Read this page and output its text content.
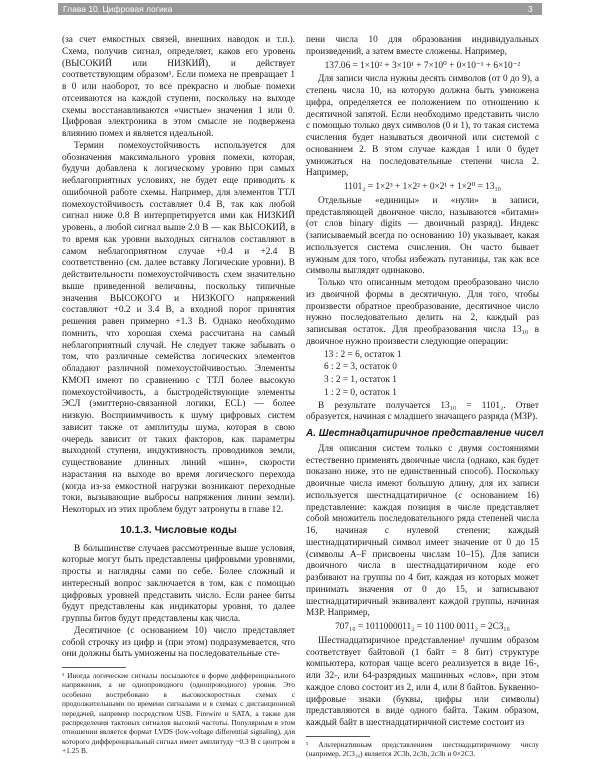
Глава 10. Цифровая логика	3

(за счет емкостных связей, внешних наводок и т.п.). Схема, получив сигнал, определяет, каков его уровень (ВЫСОКИЙ или НИЗКИЙ), и действует соответствующим образом¹. Если помеха не превращает 1 в 0 или наоборот, то все прекрасно и любые помехи отсеиваются на каждой ступени, поскольку на выходе схемы восстанавливаются «чистые» значения 1 или 0. Цифровая электроника в этом смысле не подвержена влиянию помех и является идеальной.

Термин помехоустойчивость используется для обозначения максимального уровня помехи, которая, будучи добавлена к логическому уровню при самых неблагоприятных условиях, не будет еще приводить к ошибочной работе схемы. Например, для элементов ТТЛ помехоустойчивость составляет 0.4 В, так как любой сигнал ниже 0.8 В интерпретируется ими как НИЗКИЙ уровень, а любой сигнал выше 2.0 В — как ВЫСОКИЙ, в то время как уровни выходных сигналов составляют в самом неблагоприятном случае +0.4 и +2.4 В соответственно (см. далее вставку Логические уровни). В действительности помехоустойчивость схем значительно выше приведенной величины, поскольку типичные значения ВЫСОКОГО и НИЗКОГО напряжений составляют +0.2 и 3.4 В, а входной порог принятия решения равен примерно +1.3 В. Однако необходимо помнить, что хорошая схема рассчитана на самый неблагоприятный случай. Не следует также забывать о том, что различные семейства логических элементов обладают различной помехоустойчивостью. Элементы КМОП имеют по сравнению с ТТЛ более высокую помехоустойчивость, а быстродействующие элементы ЭСЛ (эмиттерно-связанной логики, ECL) — более низкую. Восприимчивость к шуму цифровых систем зависит также от амплитуды шума, которая в свою очередь зависит от таких факторов, как параметры выходной ступени, индуктивность проводников земли, существование длинных линий «шин», скорости нарастания на выходе во время логического перехода (когда из-за емкостной нагрузки возникают переходные токи, вызывающие выбросы напряжения линии земли). Некоторых из этих проблем будут затронуты в главе 12.

10.1.3. Числовые коды

В большинстве случаев рассмотренные выше условия, которые могут быть представлены цифровыми уровнями, просты и наглядны сами по себе. Более сложный и интересный вопрос заключается в том, как с помощью цифровых уровней представить число. Если ранее биты будут представлены как индикаторы уровня, то далее группы битов будут представлены как числа.

Десятичное (с основанием 10) число представляет собой строчку из цифр и (при этом) подразумевается, что они должны быть умножены на последовательные сте-

¹ Иногда логические сигналы посылаются в форме дифференциального напряжения, а не однопроводного (однопроводного) уровня. Это особенно востребовано в высокоскоростных схемах с продолжительными по времени сигналами и в схемах с дистанционной передачей, например посредством USB, Firewire и SATA, а также для распределения тактовых сигналов высокой частоты. Популярным в этом отношении является формат LVDS (low-voltage differential signaling), для которого дифференциальный сигнал имеет амплитуду ~0.3 В с центром в +1.25 В.

пени числа 10 для образования индивидуальных произведений, а затем вместе сложены. Например,

137.06 = 1×10² + 3×10¹ + 7×10⁰ + 0×10⁻¹ + 6×10⁻²

Для записи числа нужны десять символов (от 0 до 9), а степень числа 10, на которую должна быть умножена цифра, определяется ее положением по отношению к десятичной запятой. Если необходимо представить число с помощью только двух символов (0 и 1), то такая система счисления будет называться двоичной или системой с основанием 2. В этом случае каждая 1 или 0 будет умножаться на последовательные степени числа 2. Например,

1101₂ = 1×2³ + 1×2² + 0×2¹ + 1×2⁰ = 13₁₀

Отдельные «единицы» и «нули» в записи, представляющей двоичное число, называются «битами» (от слов binary digits — двоичный разряд). Индекс (записываемый всегда по основанию 10) указывает, какая используется система счисления. Он часто бывает нужным для того, чтобы избежать путаницы, так как все символы выглядят одинаково.

Только что описанным методом преобразовано число из двоичной формы в десятичную. Для того, чтобы произвести обратное преобразование, десятичное число нужно последовательно делить на 2, каждый раз записывая остаток. Для преобразования числа 13₁₀ в двоичное нужно произвести следующие операции:

13 : 2 = 6, остаток 1
6 : 2 = 3, остаток 0
3 : 2 = 1, остаток 1
1 : 2 = 0, остаток 1

В результате получается 13₁₀ = 1101₂. Ответ образуется, начиная с младшего значащего разряда (МЗР).

А. Шестнадцатиричное представление чисел

Для описания систем только с двумя состояниями естественно применять двоичные числа (однако, как будет показано ниже, это не единственный способ). Поскольку двоичные числа имеют большую длину, для их записи используется шестнадцатиричное (с основанием 16) представление: каждая позиция в числе представляет собой множитель последовательного ряда степеней числа 16, начиная с нулевой степени; каждый шестнадцатиричный символ имеет значение от 0 до 15 (символы A–F присвоены числам 10–15). Для записи двоичного числа в шестнадцатиричном коде его разбивают на группы по 4 бит, каждая из которых может принимать значения от 0 до 15, и записывают шестнадцатиричный эквивалент каждой группы, начиная МЗР. Например,

707₁₀ = 1011000011₂ = 10 1100 0011₂ = 2C3₁₆

Шестнадцатиричное представление¹ лучшим образом соответствует байтовой (1 байт = 8 бит) структуре компьютера, которая чаще всего реализуется в виде 16-, или 32-, или 64-разрядных машинных «слов», при этом каждое слово состоит из 2, или 4, или 8 байтов. Буквенно-цифровые знаки (буквы, цифры или символы) представляются в виде одного байта. Таким образом, каждый байт в шестнадцатиричной системе состоит из

¹ Альтернативным представлением шестнадцатиричному числу (например, 2C3₁₆) является 2C3h, 2c3h, 2c3h и 0×2C3.
